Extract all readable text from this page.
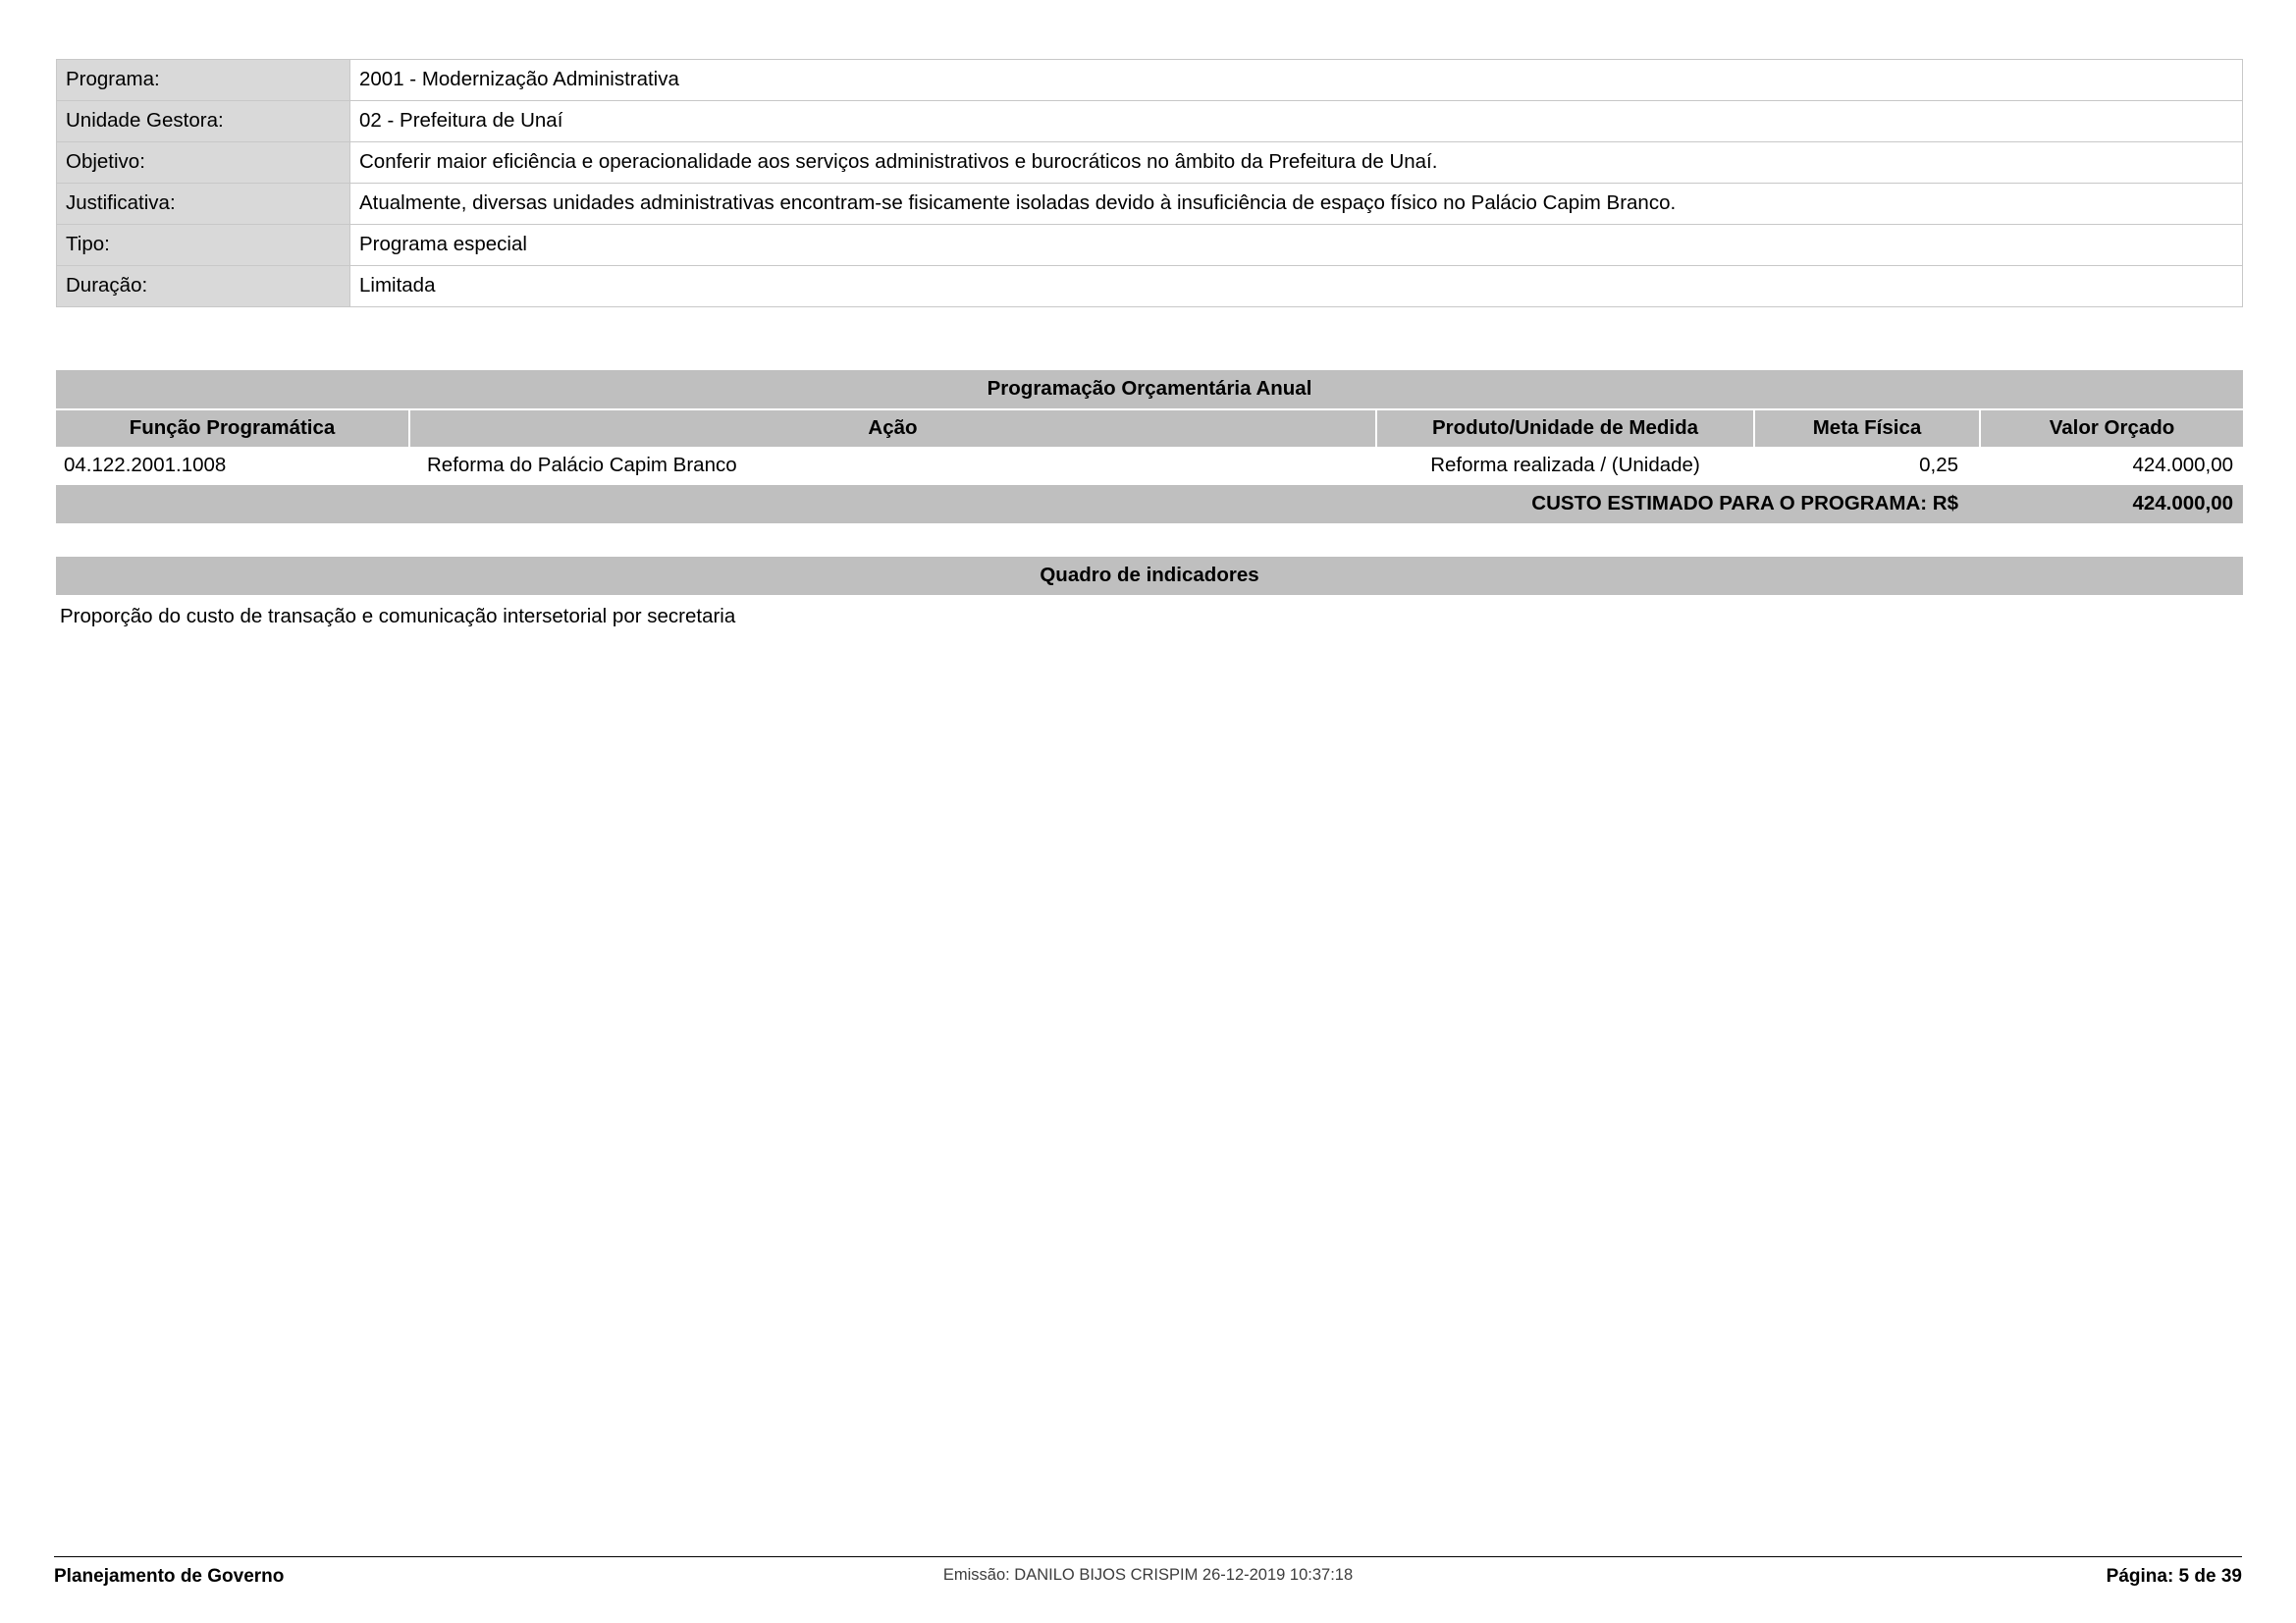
Programa:	2001 - Modernização Administrativa
Unidade Gestora:	02 - Prefeitura de Unaí
Objetivo:	Conferir maior eficiência e operacionalidade aos serviços administrativos e burocráticos no âmbito da Prefeitura de Unaí.
Justificativa:	Atualmente, diversas unidades administrativas encontram-se fisicamente isoladas devido à insuficiência de espaço físico no Palácio Capim Branco.
Tipo:	Programa especial
Duração:	Limitada
Programação Orçamentária Anual				
Função Programática	Ação	Produto/Unidade de Medida	Meta Física	Valor Orçado
04.122.2001.1008	Reforma do Palácio Capim Branco	Reforma realizada / (Unidade)	0,25	424.000,00
CUSTO ESTIMADO PARA O PROGRAMA: R$				424.000,00
Quadro de indicadores
Proporção do custo de transação e comunicação intersetorial por secretaria
Planejamento de Governo	Emissão: DANILO BIJOS CRISPIM 26-12-2019 10:37:18	Página: 5 de 39
